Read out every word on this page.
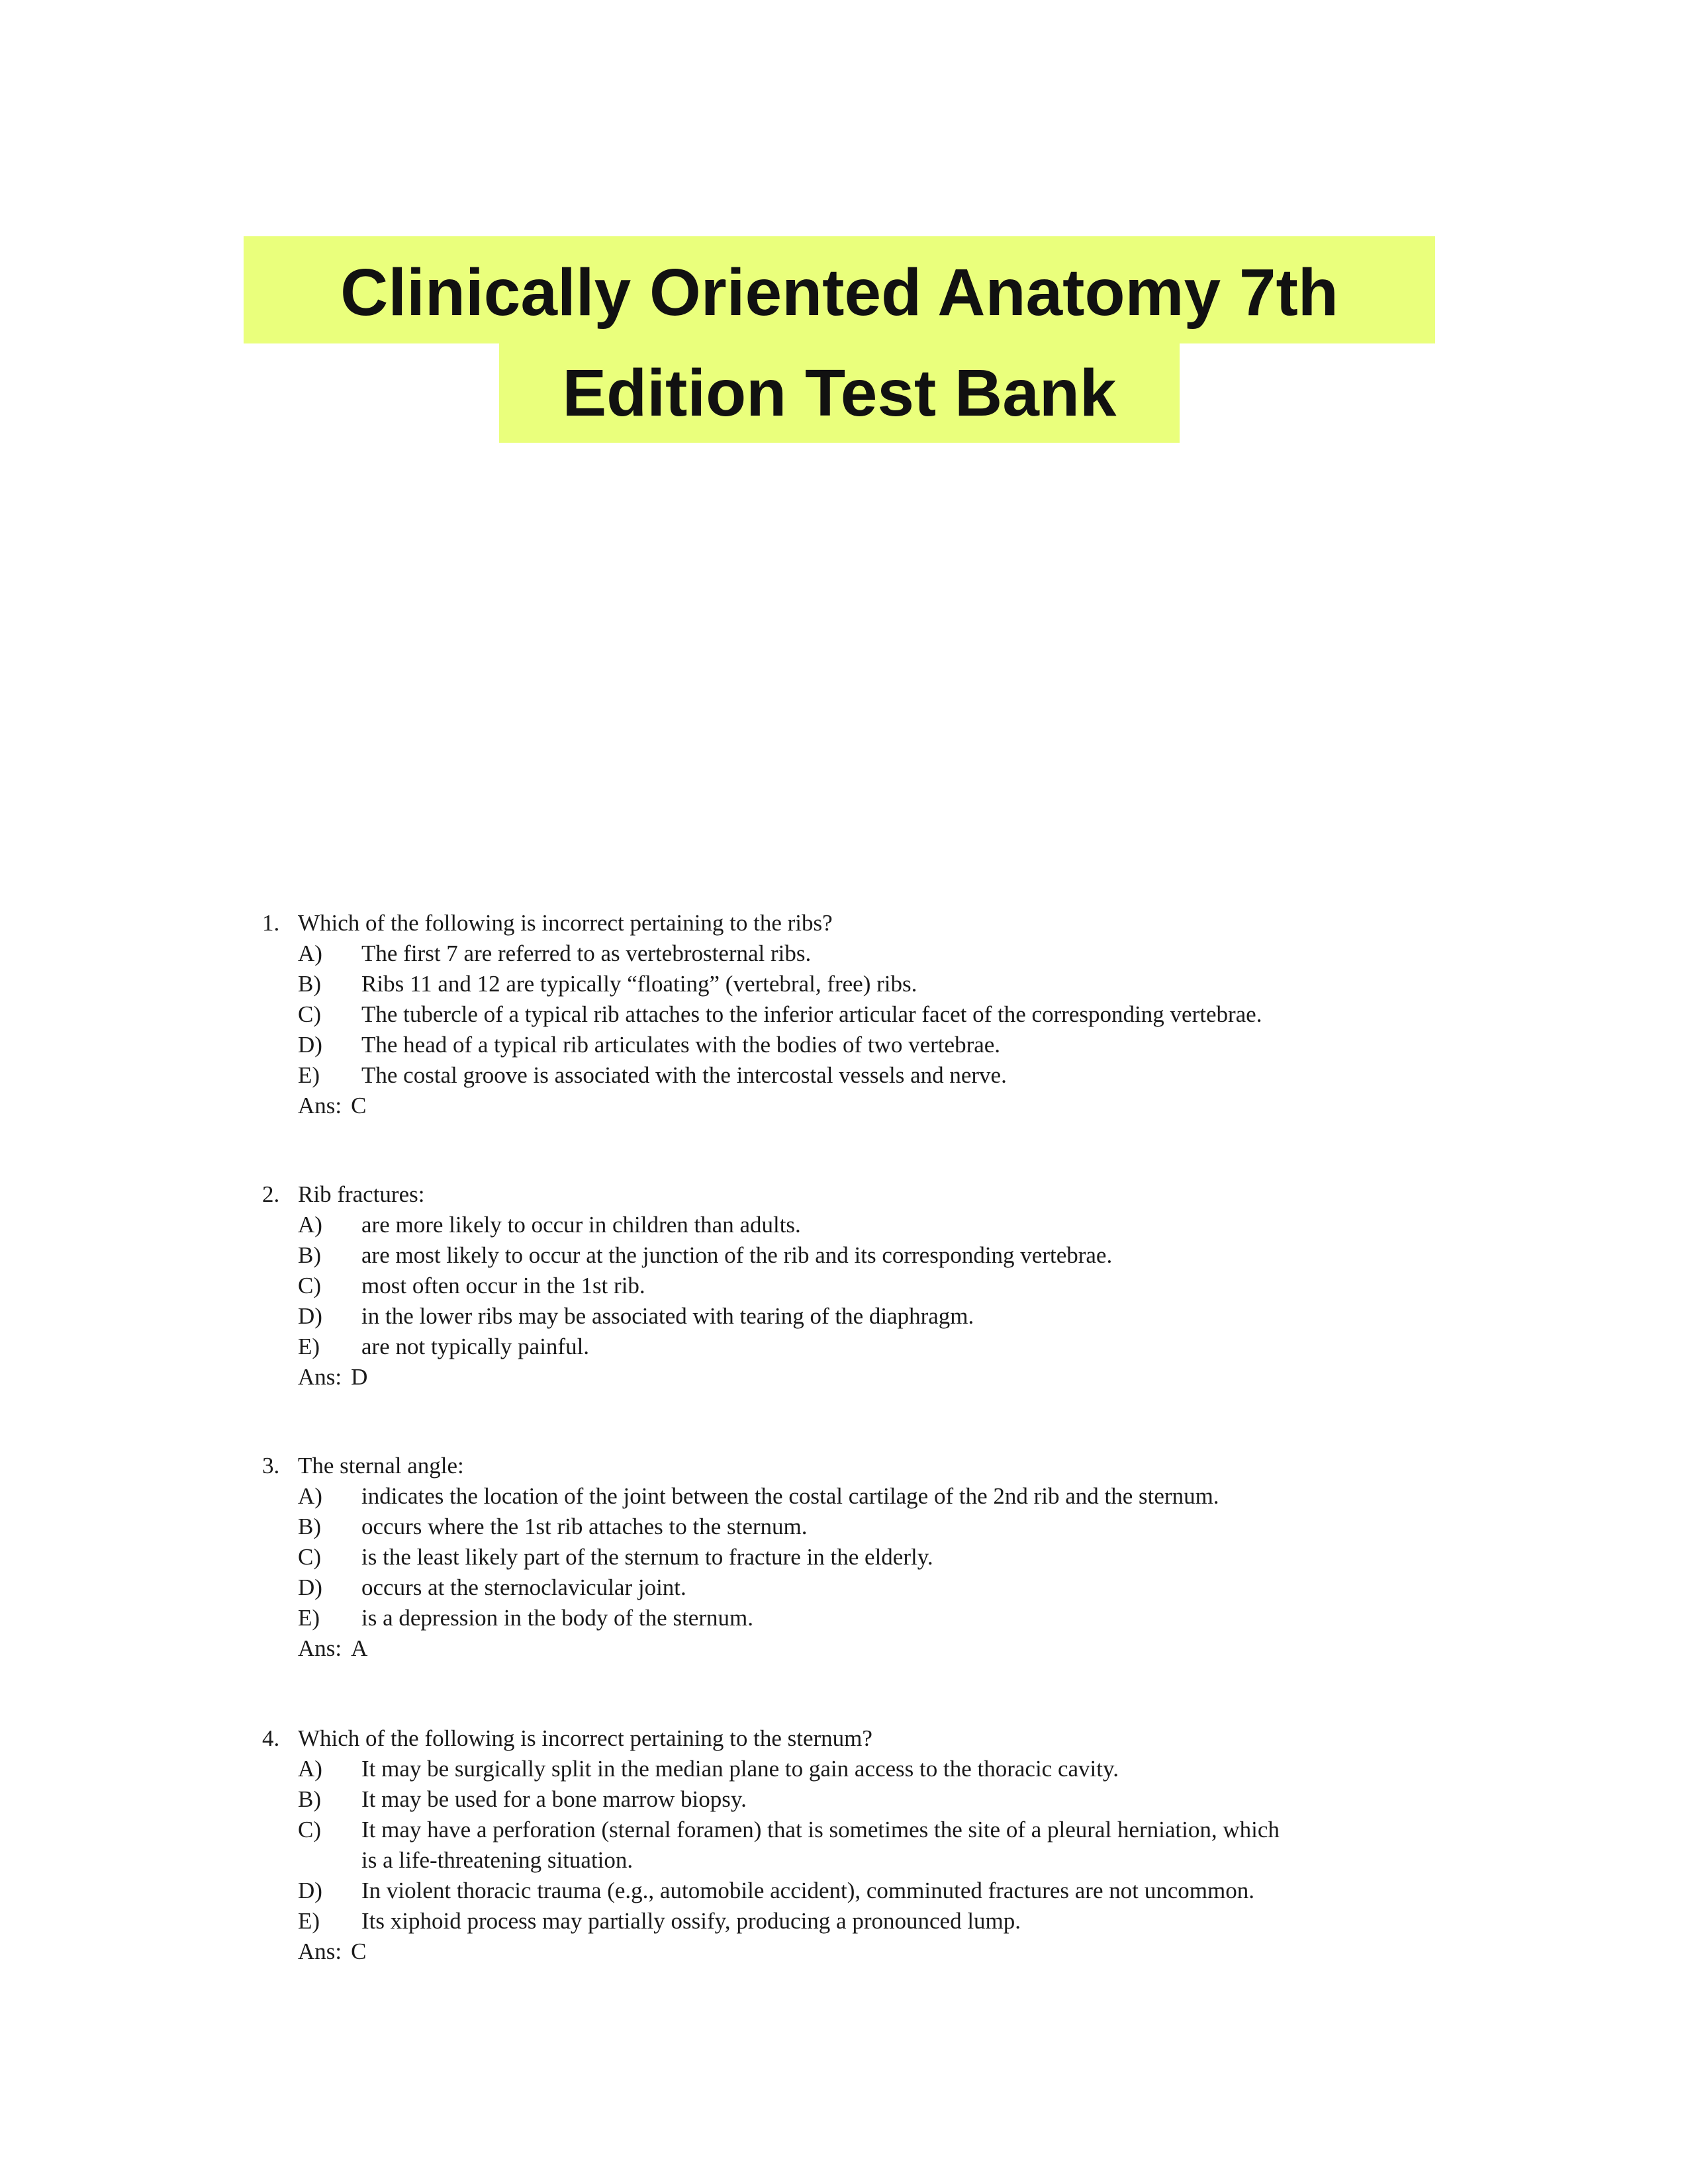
Clinically Oriented Anatomy 7th
Edition Test Bank
1. Which of the following is incorrect pertaining to the ribs?
A) The first 7 are referred to as vertebrosternal ribs.
B) Ribs 11 and 12 are typically “floating” (vertebral, free) ribs.
C) The tubercle of a typical rib attaches to the inferior articular facet of the corresponding vertebrae.
D) The head of a typical rib articulates with the bodies of two vertebrae.
E) The costal groove is associated with the intercostal vessels and nerve.
Ans: C
2. Rib fractures:
A) are more likely to occur in children than adults.
B) are most likely to occur at the junction of the rib and its corresponding vertebrae.
C) most often occur in the 1st rib.
D) in the lower ribs may be associated with tearing of the diaphragm.
E) are not typically painful.
Ans: D
3. The sternal angle:
A) indicates the location of the joint between the costal cartilage of the 2nd rib and the sternum.
B) occurs where the 1st rib attaches to the sternum.
C) is the least likely part of the sternum to fracture in the elderly.
D) occurs at the sternoclavicular joint.
E) is a depression in the body of the sternum.
Ans: A
4. Which of the following is incorrect pertaining to the sternum?
A) It may be surgically split in the median plane to gain access to the thoracic cavity.
B) It may be used for a bone marrow biopsy.
C) It may have a perforation (sternal foramen) that is sometimes the site of a pleural herniation, which is a life-threatening situation.
D) In violent thoracic trauma (e.g., automobile accident), comminuted fractures are not uncommon.
E) Its xiphoid process may partially ossify, producing a pronounced lump.
Ans: C
